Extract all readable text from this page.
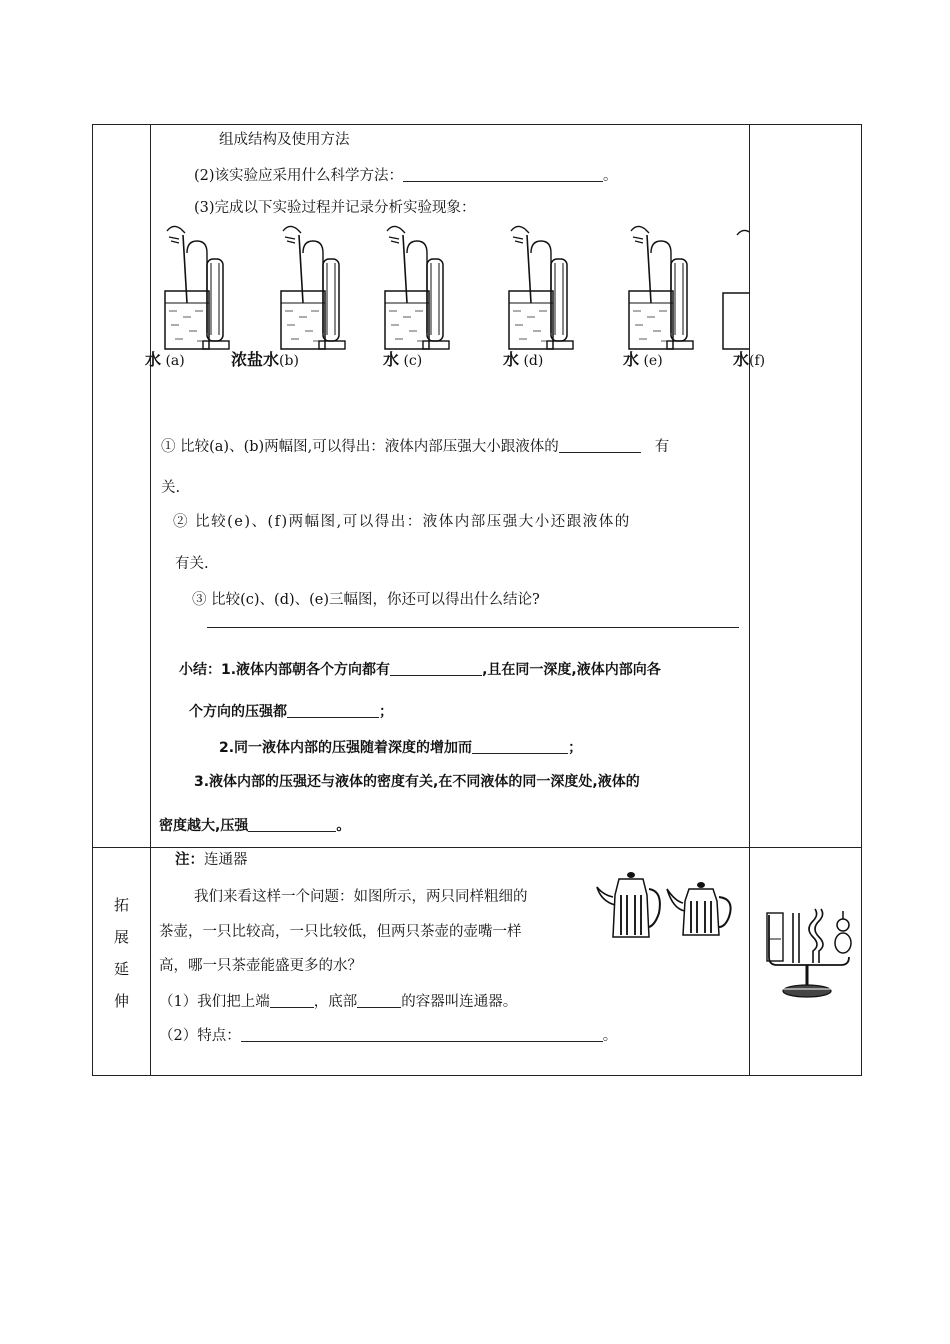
组成结构及使用方法
(2)该实验应采用什么科学方法：	。
(3)完成以下实验过程并记录分析实验现象：
水 (a)	浓盐水(b)	水 (c)	水 (d)	水 (e)	水(f)
① 比较(a)、(b)两幅图,可以得出：液体内部压强大小跟液体的	有
关.
② 比较(e)、(f)两幅图,可以得出：液体内部压强大小还跟液体的
有关.
③ 比较(c)、(d)、(e)三幅图，你还可以得出什么结论?
小结：1.液体内部朝各个方向都有	,且在同一深度,液体内部向各
个方向的压强都	；
2.同一液体内部的压强随着深度的增加而	；
3.液体内部的压强还与液体的密度有关,在不同液体的同一深度处,液体的
密度越大,压强	。
拓
展
延
伸
注：连通器
我们来看这样一个问题：如图所示，两只同样粗细的
茶壶，一只比较高，一只比较低，但两只茶壶的壶嘴一样
高，哪一只茶壶能盛更多的水？
（1）我们把上端	，底部	的容器叫连通器。
（2）特点：	。
